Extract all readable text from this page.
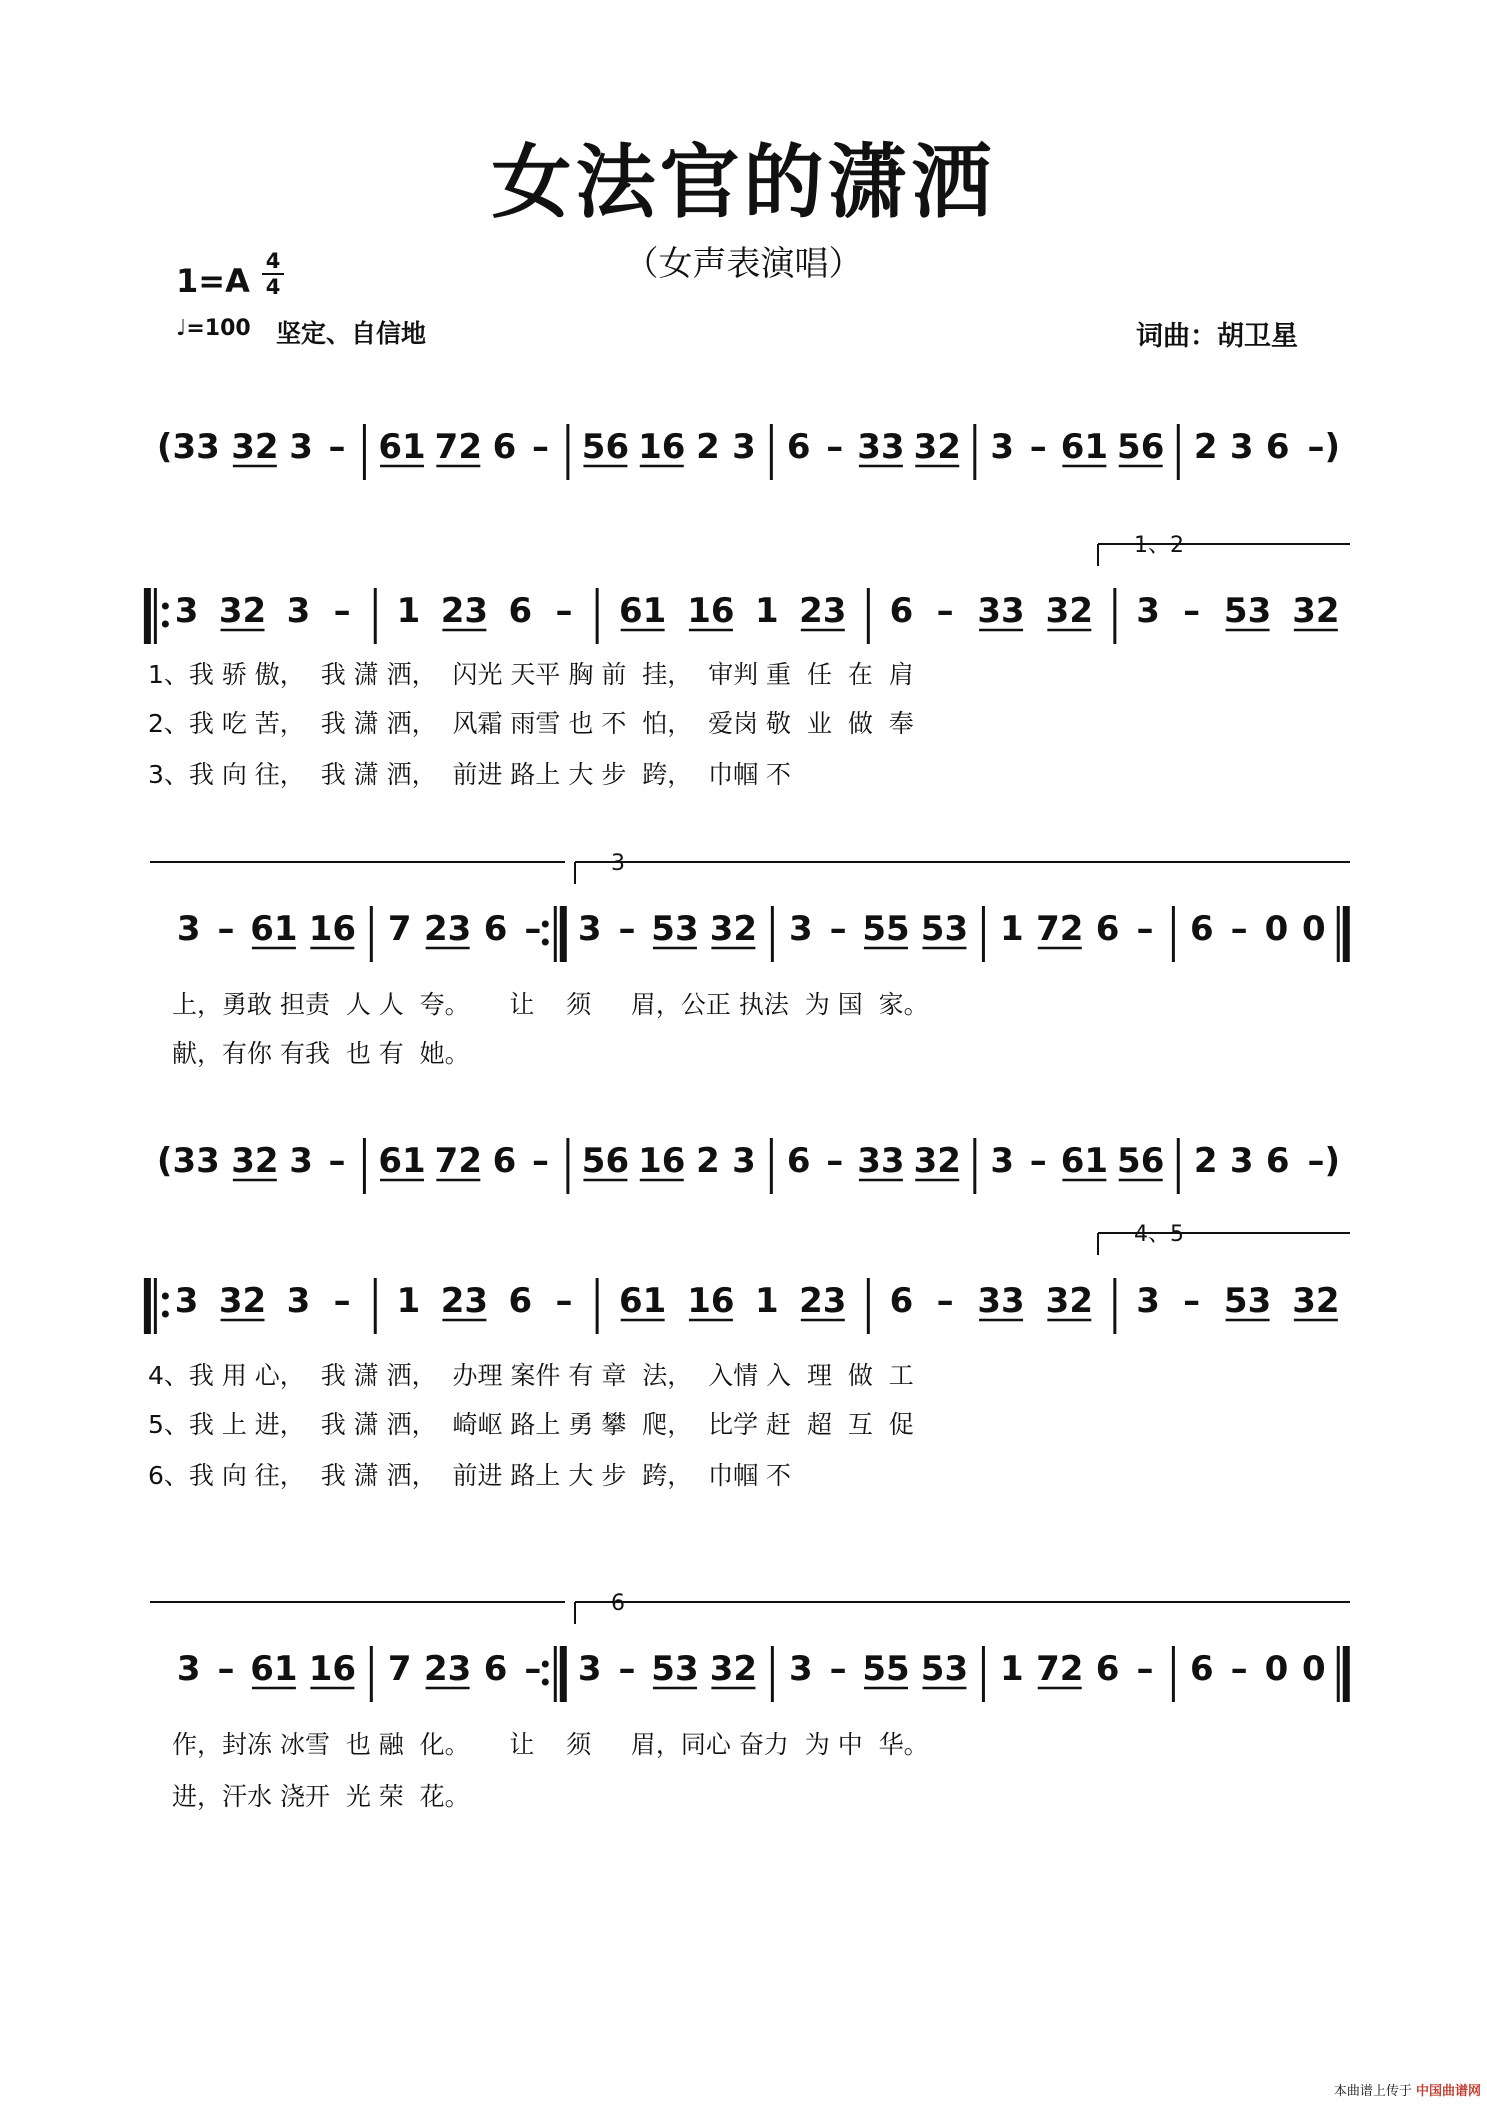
女法官的潇洒
（女声表演唱）
1=A
4
4
♩=100 坚定、自信地	词曲：胡卫星
(33 32 3 – 61 72 6 – 56 16 2 3 6 – 33 32 3 – 61 56 2 3 6 –)
3 32 3 – 1 23 6 – 61 16 1 23 6 – 33 32 3 – 53 32
3 – 61 16 7 23 6 – 3 – 53 32 3 – 55 53 1 72 6 – 6 – 0 0
(33 32 3 – 61 72 6 – 56 16 2 3 6 – 33 32 3 – 61 56 2 3 6 –)
3 32 3 – 1 23 6 – 61 16 1 23 6 – 33 32 3 – 53 32
3 – 61 16 7 23 6 – 3 – 53 32 3 – 55 53 1 72 6 – 6 – 0 0
1、2
3
4、5
6
1、我 骄 傲，  我 潇 洒，  闪光 天平 胸 前  挂，  审判 重  任  在  肩
2、我 吃 苦，  我 潇 洒，  风霜 雨雪 也 不  怕，  爱岗 敬  业  做  奉
3、我 向 往，  我 潇 洒，  前进 路上 大 步  跨，  巾帼 不
上，勇敢 担责  人 人  夸。     让    须     眉，公正 执法  为 国  家。
献，有你 有我  也 有  她。
4、我 用 心，  我 潇 洒，  办理 案件 有 章  法，  入情 入  理  做  工
5、我 上 进，  我 潇 洒，  崎岖 路上 勇 攀  爬，  比学 赶  超  互  促
6、我 向 往，  我 潇 洒，  前进 路上 大 步  跨，  巾帼 不
作，封冻 冰雪  也 融  化。     让    须     眉，同心 奋力  为 中  华。
进，汗水 浇开  光 荣  花。
本曲谱上传于 中国曲谱网
